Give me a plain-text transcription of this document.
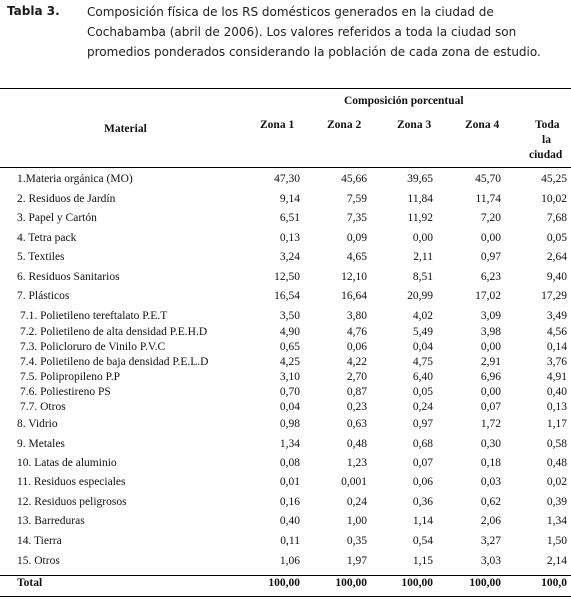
Tabla 3. Composición física de los RS domésticos generados en la ciudad de Cochabamba (abril de 2006). Los valores referidos a toda la ciudad son promedios ponderados considerando la población de cada zona de estudio.
Composición porcentual
Material	Zona 1	Zona 2	Zona 3	Zona 4	Toda
la
ciudad
1.Materia orgánica (MO)	47,30	45,66	39,65	45,70	45,25
2. Residuos de Jardín	9,14	7,59	11,84	11,74	10,02
3. Papel y Cartón	6,51	7,35	11,92	7,20	7,68
4. Tetra pack	0,13	0,09	0,00	0,00	0,05
5. Textiles	3,24	4,65	2,11	0,97	2,64
6. Residuos Sanitarios	12,50	12,10	8,51	6,23	9,40
7. Plásticos	16,54	16,64	20,99	17,02	17,29
7.1. Polietileno tereftalato P.E.T	3,50	3,80	4,02	3,09	3,49
7.2. Polietileno de alta densidad P.E.H.D	4,90	4,76	5,49	3,98	4,56
7.3. Policloruro de Vinilo P.V.C	0,65	0,06	0,04	0,00	0,14
7.4. Polietileno de baja densidad P.E.L.D	4,25	4,22	4,75	2,91	3,76
7.5. Polipropileno P.P	3,10	2,70	6,40	6,96	4,91
7.6. Poliestireno PS	0,70	0,87	0,05	0,00	0,40
7.7. Otros	0,04	0,23	0,24	0,07	0,13
8. Vidrio	0,98	0,63	0,97	1,72	1,17
9. Metales	1,34	0,48	0,68	0,30	0,58
10. Latas de aluminio	0,08	1,23	0,07	0,18	0,48
11. Residuos especiales	0,01	0,001	0,06	0,03	0,02
12. Residuos peligrosos	0,16	0,24	0,36	0,62	0,39
13. Barreduras	0,40	1,00	1,14	2,06	1,34
14. Tierra	0,11	0,35	0,54	3,27	1,50
15. Otros	1,06	1,97	1,15	3,03	2,14
Total	100,00	100,00	100,00	100,00	100,0
